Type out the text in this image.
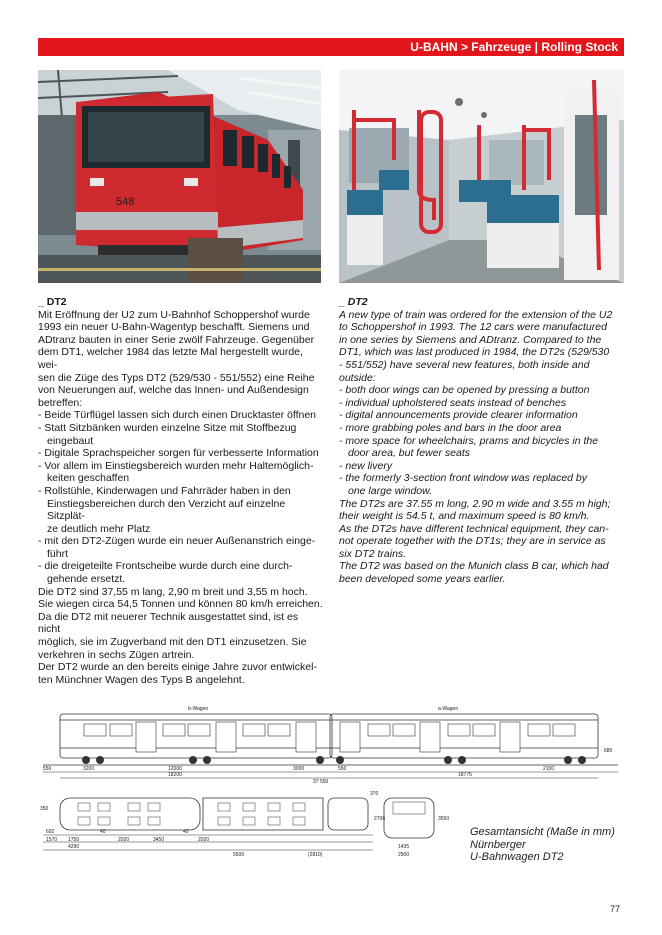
U-BAHN > Fahrzeuge | Rolling Stock
548

_ DT2

Mit Eröffnung der U2 zum U-Bahnhof Schoppershof wurde
1993 ein neuer U-Bahn-Wagentyp beschafft. Siemens und
ADtranz bauten in einer Serie zwölf Fahrzeuge. Gegenüber
dem DT1, welcher 1984 das letzte Mal hergestellt wurde, wei-
sen die Züge des Typs DT2 (529/530 - 551/552) eine Reihe
von Neuerungen auf, welche das Innen- und Außendesign
betreffen:

- Beide Türflügel lassen sich durch einen Drucktaster öffnen

- Statt Sitzbänken wurden einzelne Sitze mit Stoffbezug
eingebaut

- Digitale Sprachspeicher sorgen für verbesserte Information

- Vor allem im Einstiegsbereich wurden mehr Haltemöglich-
keiten geschaffen

- Rollstühle, Kinderwagen und Fahrräder haben in den
Einstiegsbereichen durch den Verzicht auf einzelne Sitzplät-
ze deutlich mehr Platz

- mit den DT2-Zügen wurde ein neuer Außenanstrich einge-
führt

- die dreigeteilte Frontscheibe wurde durch eine durch-
gehende ersetzt.

Die DT2 sind 37,55 m lang, 2,90 m breit und 3,55 m hoch.
Sie wiegen circa 54,5 Tonnen und können 80 km/h erreichen.
Da die DT2 mit neuerer Technik ausgestattet sind, ist es nicht
möglich, sie im Zugverband mit den DT1 einzusetzen. Sie
verkehren in sechs Zügen artrein.
Der DT2 wurde an den bereits einige Jahre zuvor entwickel-
ten Münchner Wagen des Typs B angelehnt.

_ DT2

A new type of train was ordered for the extension of the U2
to Schoppershof in 1993. The 12 cars were manufactured
in one series by Siemens and ADtranz. Compared to the
DT1, which was last produced in 1984, the DT2s (529/530
- 551/552) have several new features, both inside and
outside:

- both door wings can be opened by pressing a button

- individual upholstered seats instead of benches

- digital announcements provide clearer information

- more grabbing poles and bars in the door area

- more space for wheelchairs, prams and bicycles in the
door area, but fewer seats

- new livery

- the formerly 3-section front window was replaced by
one large window.

The DT2s are 37.55 m long, 2.90 m wide and 3.55 m high;
their weight is 54.5 t, and maximum speed is 80 km/h.
As the DT2s have different technical equipment, they can-
not operate together with the DT1s; they are in service as
six DT2 trains.
The DT2 was based on the Munich class B car, which had
been developed some years earlier.

b-Wagen	a-Wagen
550	3200	12000
18200
3000	550
18775
2100
37 550
680
692
1570 1750
4290
40
2020	3450
40
2020
5500	(2810)
1435
2900
2706	3550
350
370
Gesamtansicht (Maße in mm)
Nürnberger
U-Bahnwagen DT2
77
